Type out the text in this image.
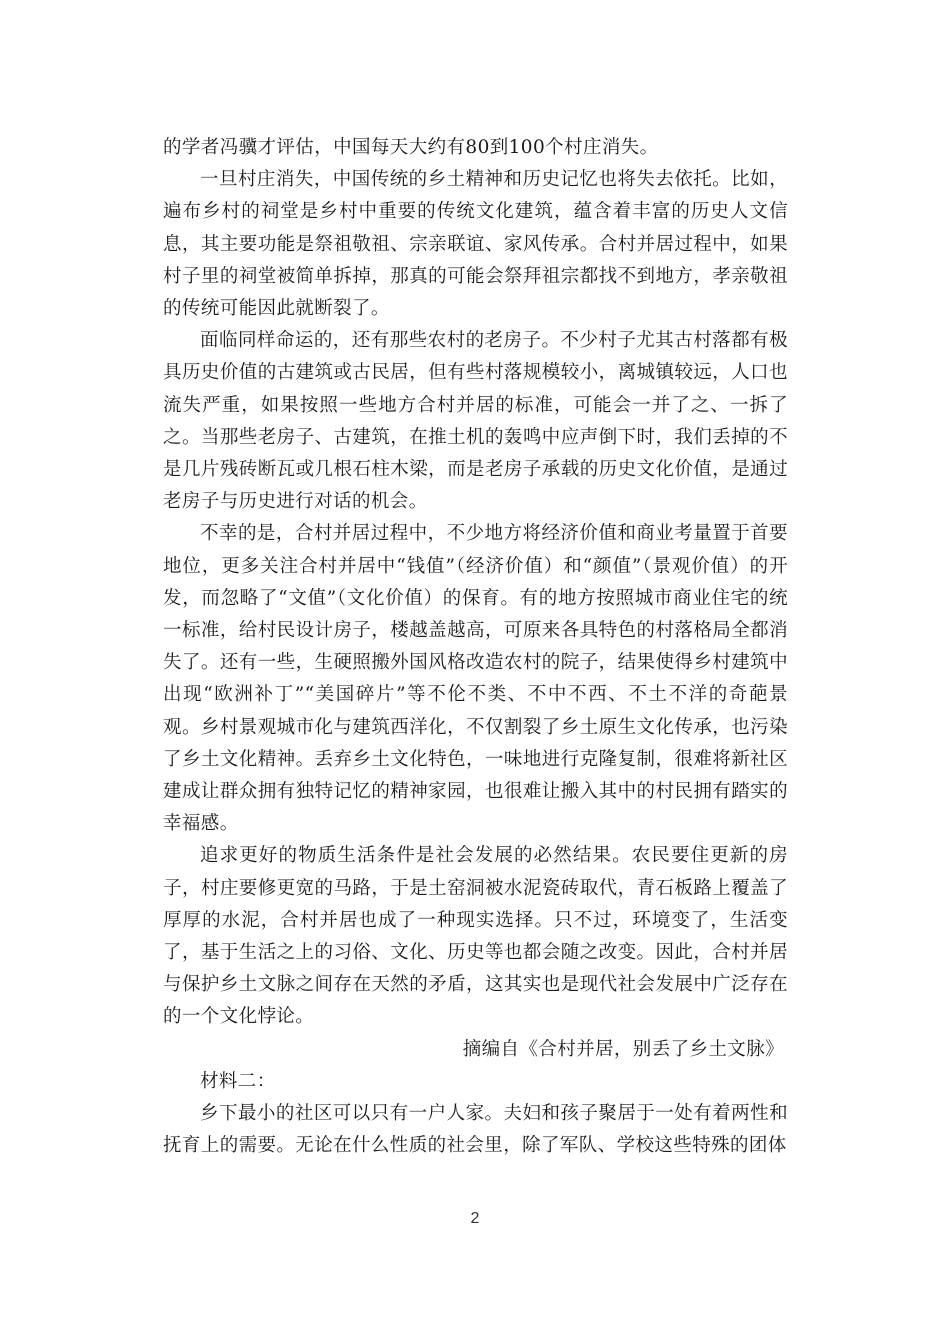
的学者冯骥才评估，中国每天大约有80到100个村庄消失。

一旦村庄消失，中国传统的乡土精神和历史记忆也将失去依托。比如，遍布乡村的祠堂是乡村中重要的传统文化建筑，蕴含着丰富的历史人文信息，其主要功能是祭祖敬祖、宗亲联谊、家风传承。合村并居过程中，如果村子里的祠堂被简单拆掉，那真的可能会祭拜祖宗都找不到地方，孝亲敬祖的传统可能因此就断裂了。

面临同样命运的，还有那些农村的老房子。不少村子尤其古村落都有极具历史价值的古建筑或古民居，但有些村落规模较小，离城镇较远，人口也流失严重，如果按照一些地方合村并居的标准，可能会一并了之、一拆了之。当那些老房子、古建筑，在推土机的轰鸣中应声倒下时，我们丢掉的不是几片残砖断瓦或几根石柱木梁，而是老房子承载的历史文化价值，是通过老房子与历史进行对话的机会。

不幸的是，合村并居过程中，不少地方将经济价值和商业考量置于首要地位，更多关注合村并居中“钱值”（经济价值）和“颜值”（景观价值）的开发，而忽略了“文值”（文化价值）的保育。有的地方按照城市商业住宅的统一标准，给村民设计房子，楼越盖越高，可原来各具特色的村落格局全都消失了。还有一些，生硬照搬外国风格改造农村的院子，结果使得乡村建筑中出现“欧洲补丁”“美国碎片”等不伦不类、不中不西、不土不洋的奇葩景观。乡村景观城市化与建筑西洋化，不仅割裂了乡土原生文化传承，也污染了乡土文化精神。丢弃乡土文化特色，一味地进行克隆复制，很难将新社区建成让群众拥有独特记忆的精神家园，也很难让搬入其中的村民拥有踏实的幸福感。

追求更好的物质生活条件是社会发展的必然结果。农民要住更新的房子，村庄要修更宽的马路，于是土窑洞被水泥瓷砖取代，青石板路上覆盖了厚厚的水泥，合村并居也成了一种现实选择。只不过，环境变了，生活变了，基于生活之上的习俗、文化、历史等也都会随之改变。因此，合村并居与保护乡土文脉之间存在天然的矛盾，这其实也是现代社会发展中广泛存在的一个文化悖论。

摘编自《合村并居，别丢了乡土文脉》

材料二：

乡下最小的社区可以只有一户人家。夫妇和孩子聚居于一处有着两性和抚育上的需要。无论在什么性质的社会里，除了军队、学校这些特殊的团体

2
